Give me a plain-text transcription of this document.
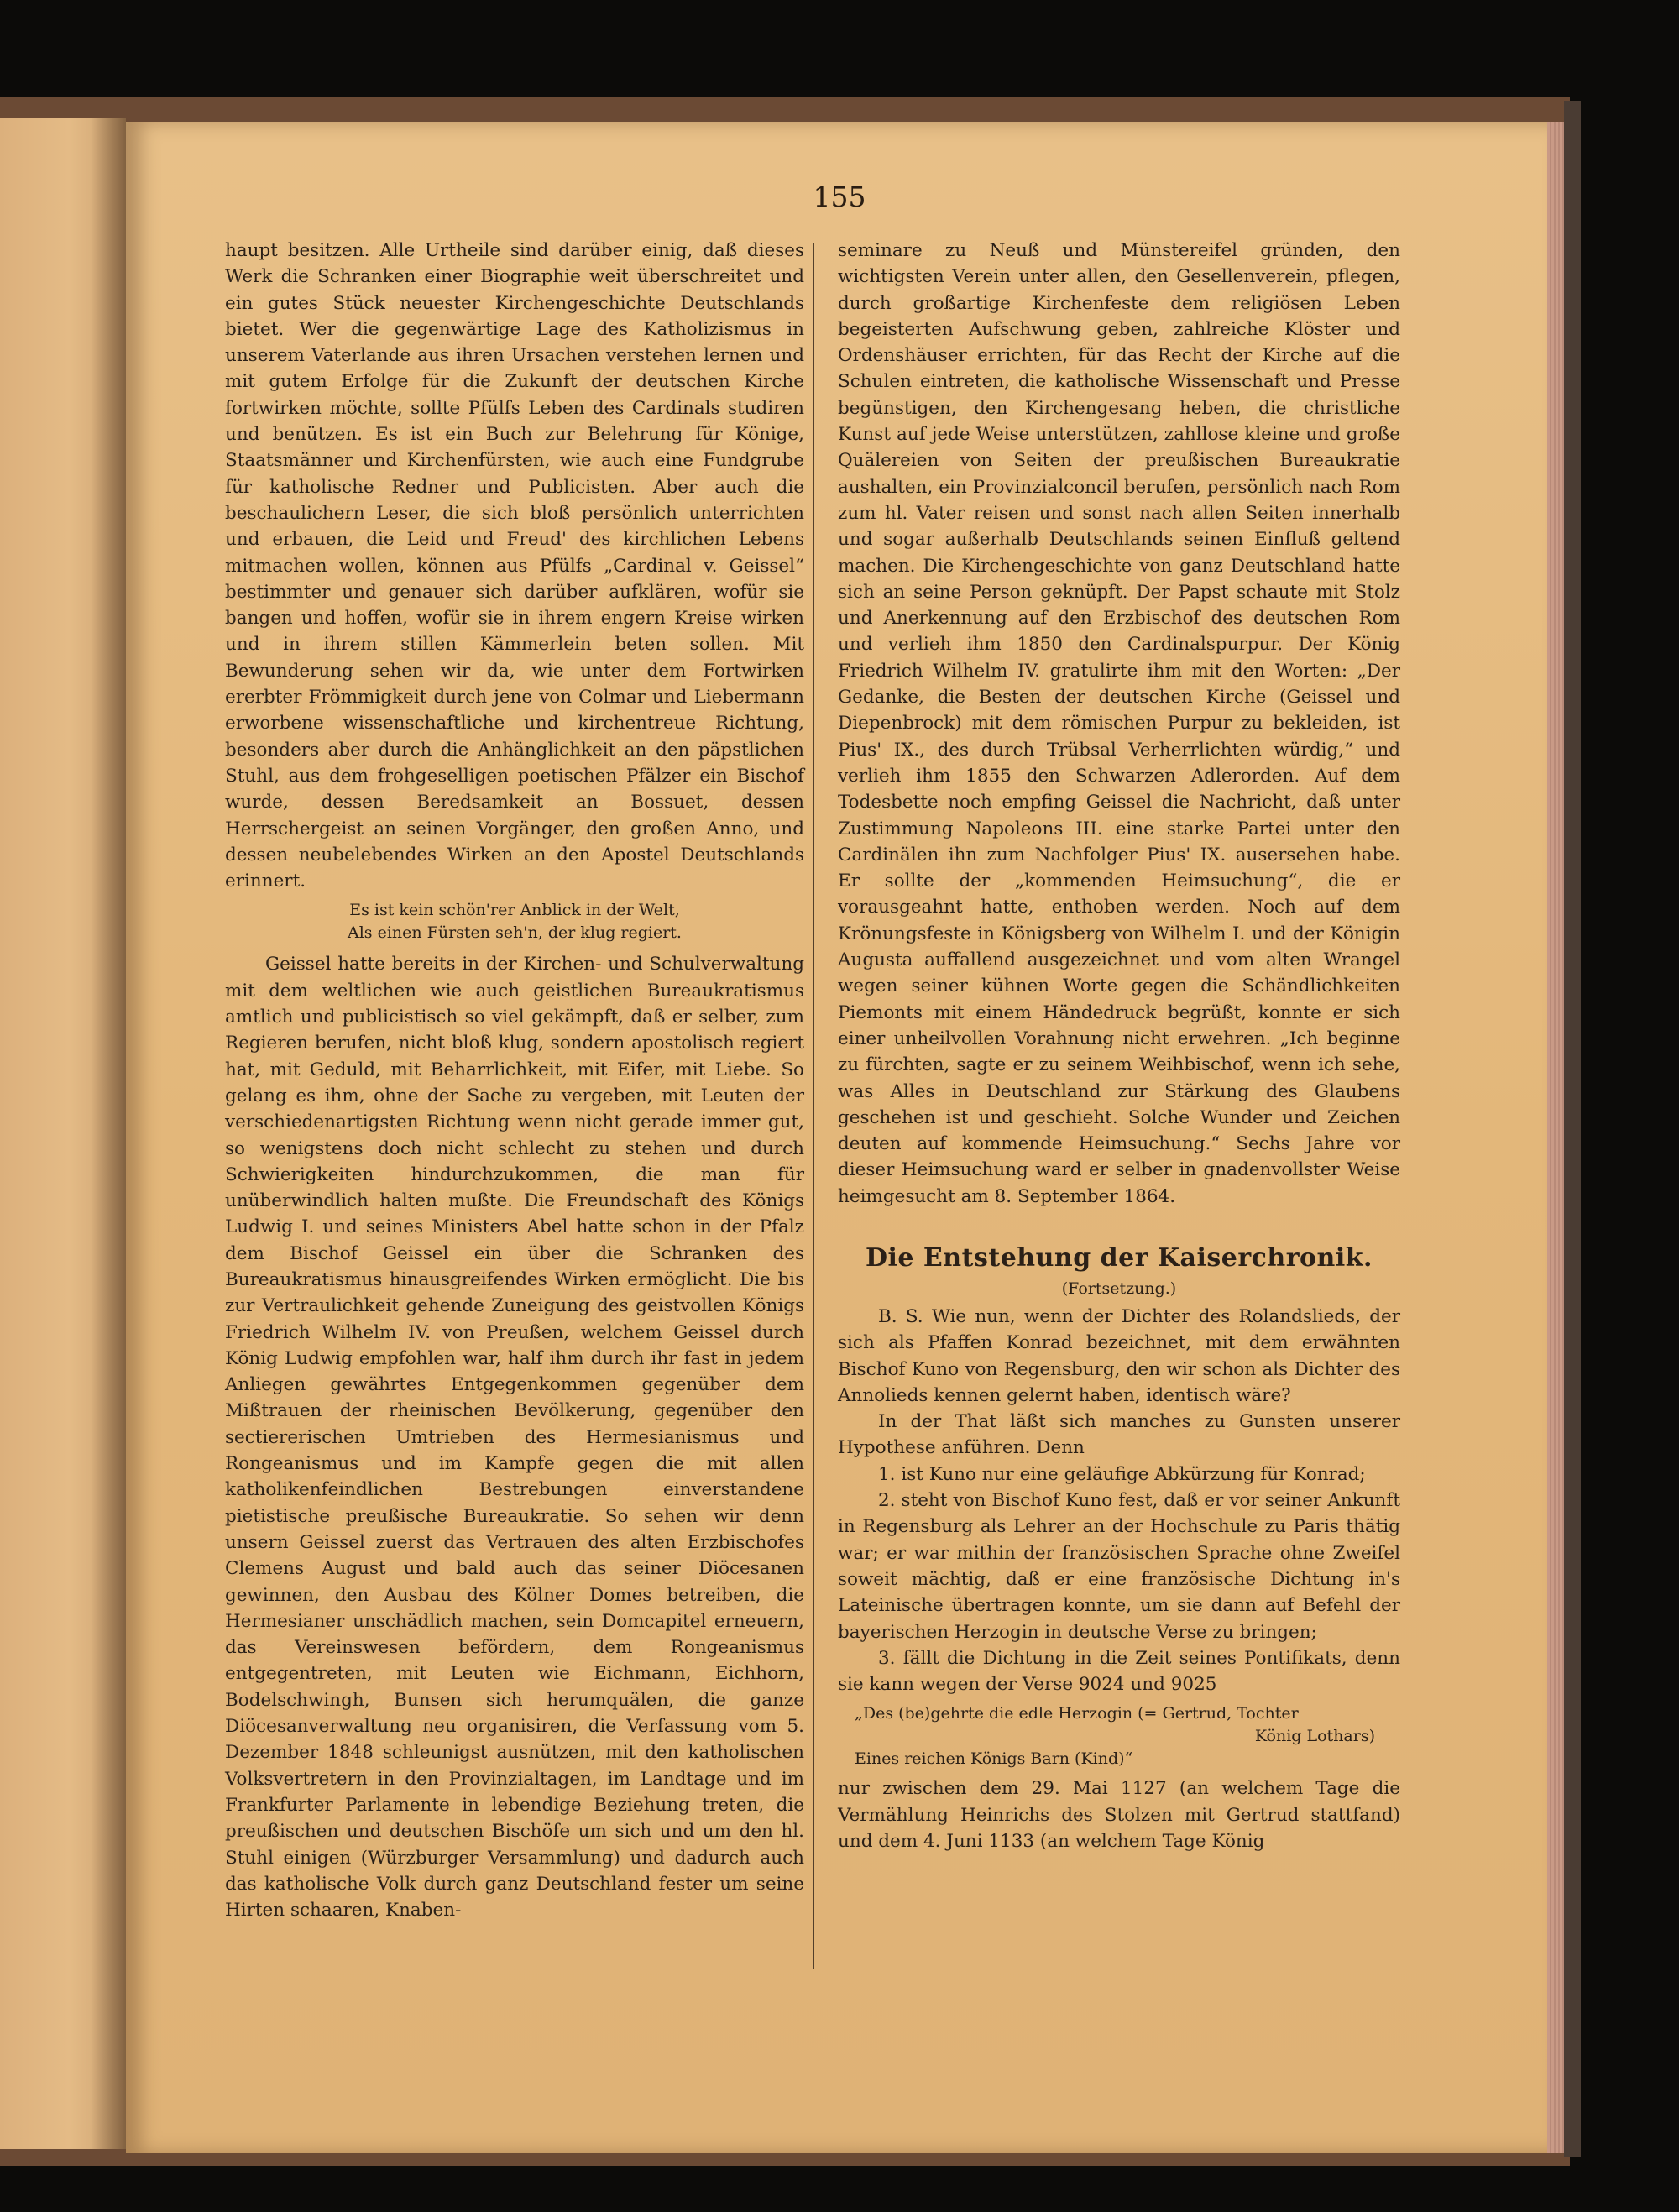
155

haupt besitzen. Alle Urtheile sind darüber einig, daß dieses Werk die Schranken einer Biographie weit überschreitet und ein gutes Stück neuester Kirchengeschichte Deutschlands bietet. Wer die gegenwärtige Lage des Katholizismus in unserem Vaterlande aus ihren Ursachen verstehen lernen und mit gutem Erfolge für die Zukunft der deutschen Kirche fortwirken möchte, sollte Pfülfs Leben des Cardinals studiren und benützen. Es ist ein Buch zur Belehrung für Könige, Staatsmänner und Kirchenfürsten, wie auch eine Fundgrube für katholische Redner und Publicisten. Aber auch die beschaulichern Leser, die sich bloß persönlich unterrichten und erbauen, die Leid und Freud' des kirchlichen Lebens mitmachen wollen, können aus Pfülfs „Cardinal v. Geissel“ bestimmter und genauer sich darüber aufklären, wofür sie bangen und hoffen, wofür sie in ihrem engern Kreise wirken und in ihrem stillen Kämmerlein beten sollen. Mit Bewunderung sehen wir da, wie unter dem Fortwirken ererbter Frömmigkeit durch jene von Colmar und Liebermann erworbene wissenschaftliche und kirchentreue Richtung, besonders aber durch die Anhänglichkeit an den päpstlichen Stuhl, aus dem frohgeselligen poetischen Pfälzer ein Bischof wurde, dessen Beredsamkeit an Bossuet, dessen Herrschergeist an seinen Vorgänger, den großen Anno, und dessen neubelebendes Wirken an den Apostel Deutschlands erinnert.

Es ist kein schön'rer Anblick in der Welt,
Als einen Fürsten seh'n, der klug regiert.

Geissel hatte bereits in der Kirchen- und Schulverwaltung mit dem weltlichen wie auch geistlichen Bureaukratismus amtlich und publicistisch so viel gekämpft, daß er selber, zum Regieren berufen, nicht bloß klug, sondern apostolisch regiert hat, mit Geduld, mit Beharrlichkeit, mit Eifer, mit Liebe. So gelang es ihm, ohne der Sache zu vergeben, mit Leuten der verschiedenartigsten Richtung wenn nicht gerade immer gut, so wenigstens doch nicht schlecht zu stehen und durch Schwierigkeiten hindurchzukommen, die man für unüberwindlich halten mußte. Die Freundschaft des Königs Ludwig I. und seines Ministers Abel hatte schon in der Pfalz dem Bischof Geissel ein über die Schranken des Bureaukratismus hinausgreifendes Wirken ermöglicht. Die bis zur Vertraulichkeit gehende Zuneigung des geistvollen Königs Friedrich Wilhelm IV. von Preußen, welchem Geissel durch König Ludwig empfohlen war, half ihm durch ihr fast in jedem Anliegen gewährtes Entgegenkommen gegenüber dem Mißtrauen der rheinischen Bevölkerung, gegenüber den sectiererischen Umtrieben des Hermesianismus und Rongeanismus und im Kampfe gegen die mit allen katholikenfeindlichen Bestrebungen einverstandene pietistische preußische Bureaukratie. So sehen wir denn unsern Geissel zuerst das Vertrauen des alten Erzbischofes Clemens August und bald auch das seiner Diöcesanen gewinnen, den Ausbau des Kölner Domes betreiben, die Hermesianer unschädlich machen, sein Domcapitel erneuern, das Vereinswesen befördern, dem Rongeanismus entgegentreten, mit Leuten wie Eichmann, Eichhorn, Bodelschwingh, Bunsen sich herumquälen, die ganze Diöcesanverwaltung neu organisiren, die Verfassung vom 5. Dezember 1848 schleunigst ausnützen, mit den katholischen Volksvertretern in den Provinzialtagen, im Landtage und im Frankfurter Parlamente in lebendige Beziehung treten, die preußischen und deutschen Bischöfe um sich und um den hl. Stuhl einigen (Würzburger Versammlung) und dadurch auch das katholische Volk durch ganz Deutschland fester um seine Hirten schaaren, Knaben-

seminare zu Neuß und Münstereifel gründen, den wichtigsten Verein unter allen, den Gesellenverein, pflegen, durch großartige Kirchenfeste dem religiösen Leben begeisterten Aufschwung geben, zahlreiche Klöster und Ordenshäuser errichten, für das Recht der Kirche auf die Schulen eintreten, die katholische Wissenschaft und Presse begünstigen, den Kirchengesang heben, die christliche Kunst auf jede Weise unterstützen, zahllose kleine und große Quälereien von Seiten der preußischen Bureaukratie aushalten, ein Provinzialconcil berufen, persönlich nach Rom zum hl. Vater reisen und sonst nach allen Seiten innerhalb und sogar außerhalb Deutschlands seinen Einfluß geltend machen. Die Kirchengeschichte von ganz Deutschland hatte sich an seine Person geknüpft. Der Papst schaute mit Stolz und Anerkennung auf den Erzbischof des deutschen Rom und verlieh ihm 1850 den Cardinalspurpur. Der König Friedrich Wilhelm IV. gratulirte ihm mit den Worten: „Der Gedanke, die Besten der deutschen Kirche (Geissel und Diepenbrock) mit dem römischen Purpur zu bekleiden, ist Pius' IX., des durch Trübsal Verherrlichten würdig,“ und verlieh ihm 1855 den Schwarzen Adlerorden. Auf dem Todesbette noch empfing Geissel die Nachricht, daß unter Zustimmung Napoleons III. eine starke Partei unter den Cardinälen ihn zum Nachfolger Pius' IX. ausersehen habe. Er sollte der „kommenden Heimsuchung“, die er vorausgeahnt hatte, enthoben werden. Noch auf dem Krönungsfeste in Königsberg von Wilhelm I. und der Königin Augusta auffallend ausgezeichnet und vom alten Wrangel wegen seiner kühnen Worte gegen die Schändlichkeiten Piemonts mit einem Händedruck begrüßt, konnte er sich einer unheilvollen Vorahnung nicht erwehren. „Ich beginne zu fürchten, sagte er zu seinem Weihbischof, wenn ich sehe, was Alles in Deutschland zur Stärkung des Glaubens geschehen ist und geschieht. Solche Wunder und Zeichen deuten auf kommende Heimsuchung.“ Sechs Jahre vor dieser Heimsuchung ward er selber in gnadenvollster Weise heimgesucht am 8. September 1864.

Die Entstehung der Kaiserchronik.

(Fortsetzung.)

B. S. Wie nun, wenn der Dichter des Rolandslieds, der sich als Pfaffen Konrad bezeichnet, mit dem erwähnten Bischof Kuno von Regensburg, den wir schon als Dichter des Annolieds kennen gelernt haben, identisch wäre?

In der That läßt sich manches zu Gunsten unserer Hypothese anführen. Denn

1. ist Kuno nur eine geläufige Abkürzung für Konrad;

2. steht von Bischof Kuno fest, daß er vor seiner Ankunft in Regensburg als Lehrer an der Hochschule zu Paris thätig war; er war mithin der französischen Sprache ohne Zweifel soweit mächtig, daß er eine französische Dichtung in's Lateinische übertragen konnte, um sie dann auf Befehl der bayerischen Herzogin in deutsche Verse zu bringen;

3. fällt die Dichtung in die Zeit seines Pontifikats, denn sie kann wegen der Verse 9024 und 9025

„Des (be)gehrte die edle Herzogin (= Gertrud, Tochter
König Lothars)
Eines reichen Königs Barn (Kind)“

nur zwischen dem 29. Mai 1127 (an welchem Tage die Vermählung Heinrichs des Stolzen mit Gertrud stattfand) und dem 4. Juni 1133 (an welchem Tage König
